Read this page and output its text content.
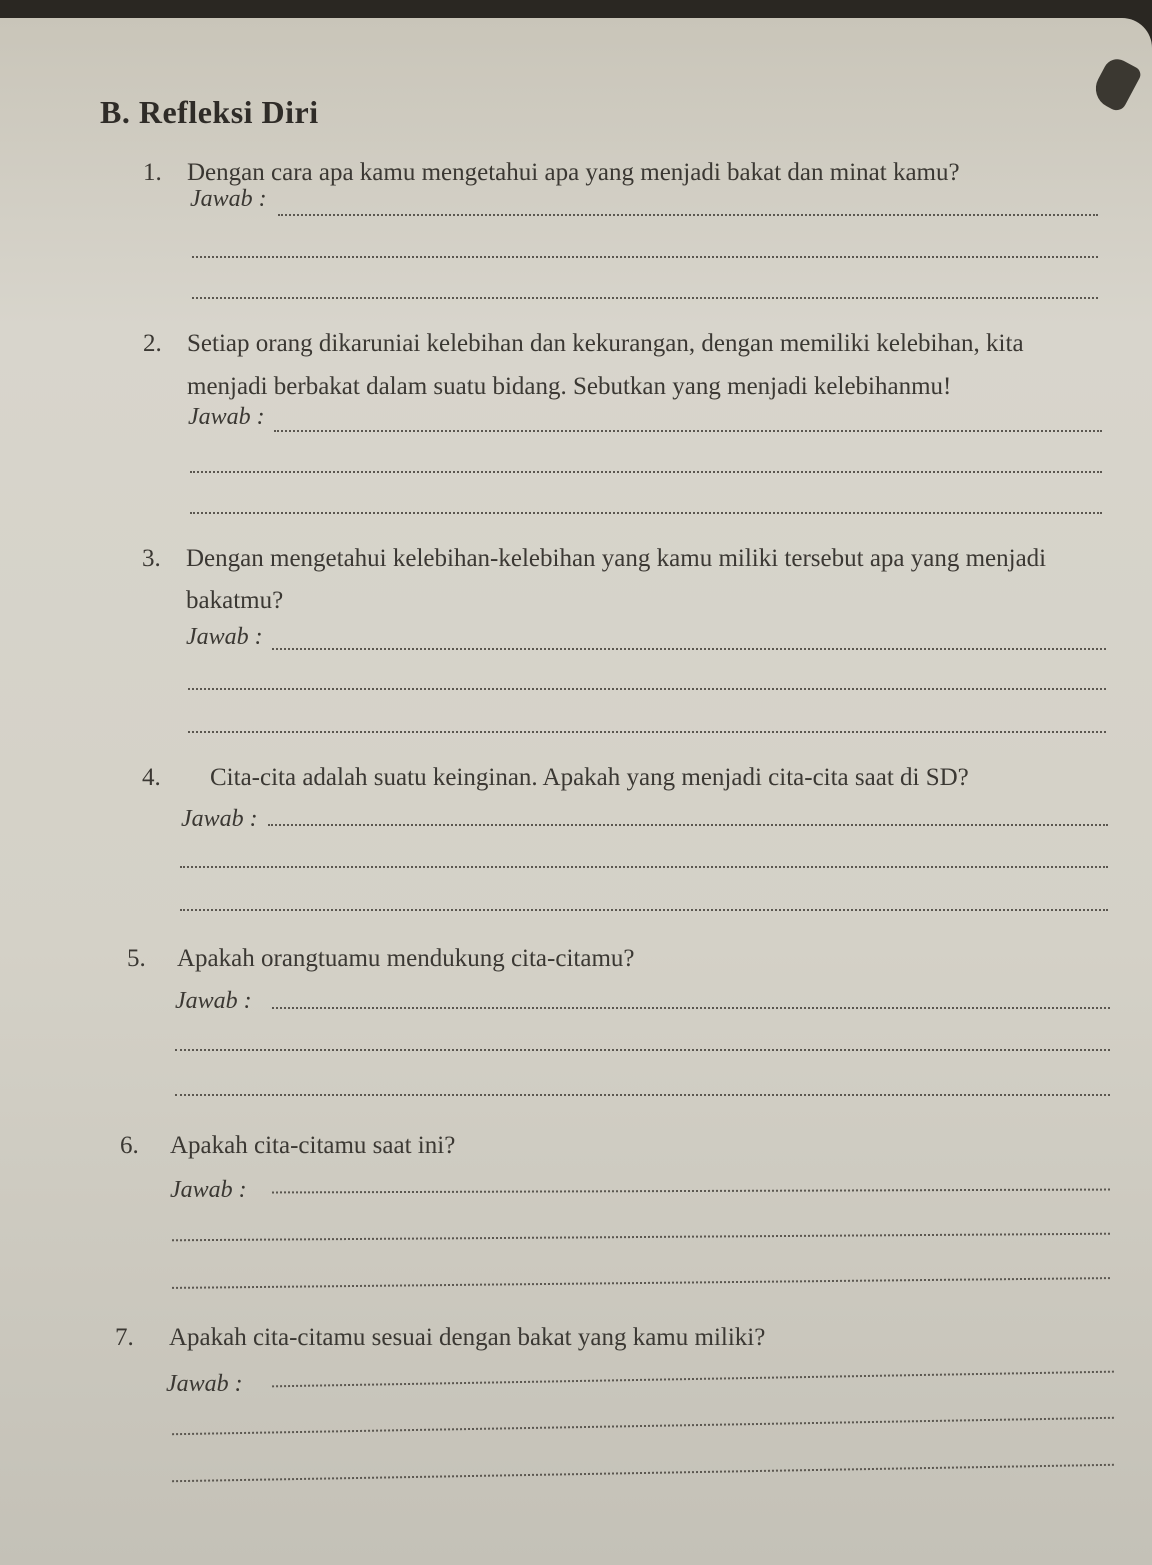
B. Refleksi Diri
1. Dengan cara apa kamu mengetahui apa yang menjadi bakat dan minat kamu?
Jawab :
2. Setiap orang dikaruniai kelebihan dan kekurangan, dengan memiliki kelebihan, kita
menjadi berbakat dalam suatu bidang. Sebutkan yang menjadi kelebihanmu!
Jawab :
3. Dengan mengetahui kelebihan-kelebihan yang kamu miliki tersebut apa yang menjadi
bakatmu?
Jawab :
4. Cita-cita adalah suatu keinginan. Apakah yang menjadi cita-cita saat di SD?
Jawab :
5. Apakah orangtuamu mendukung cita-citamu?
Jawab :
6. Apakah cita-citamu saat ini?
Jawab :
7. Apakah cita-citamu sesuai dengan bakat yang kamu miliki?
Jawab :
